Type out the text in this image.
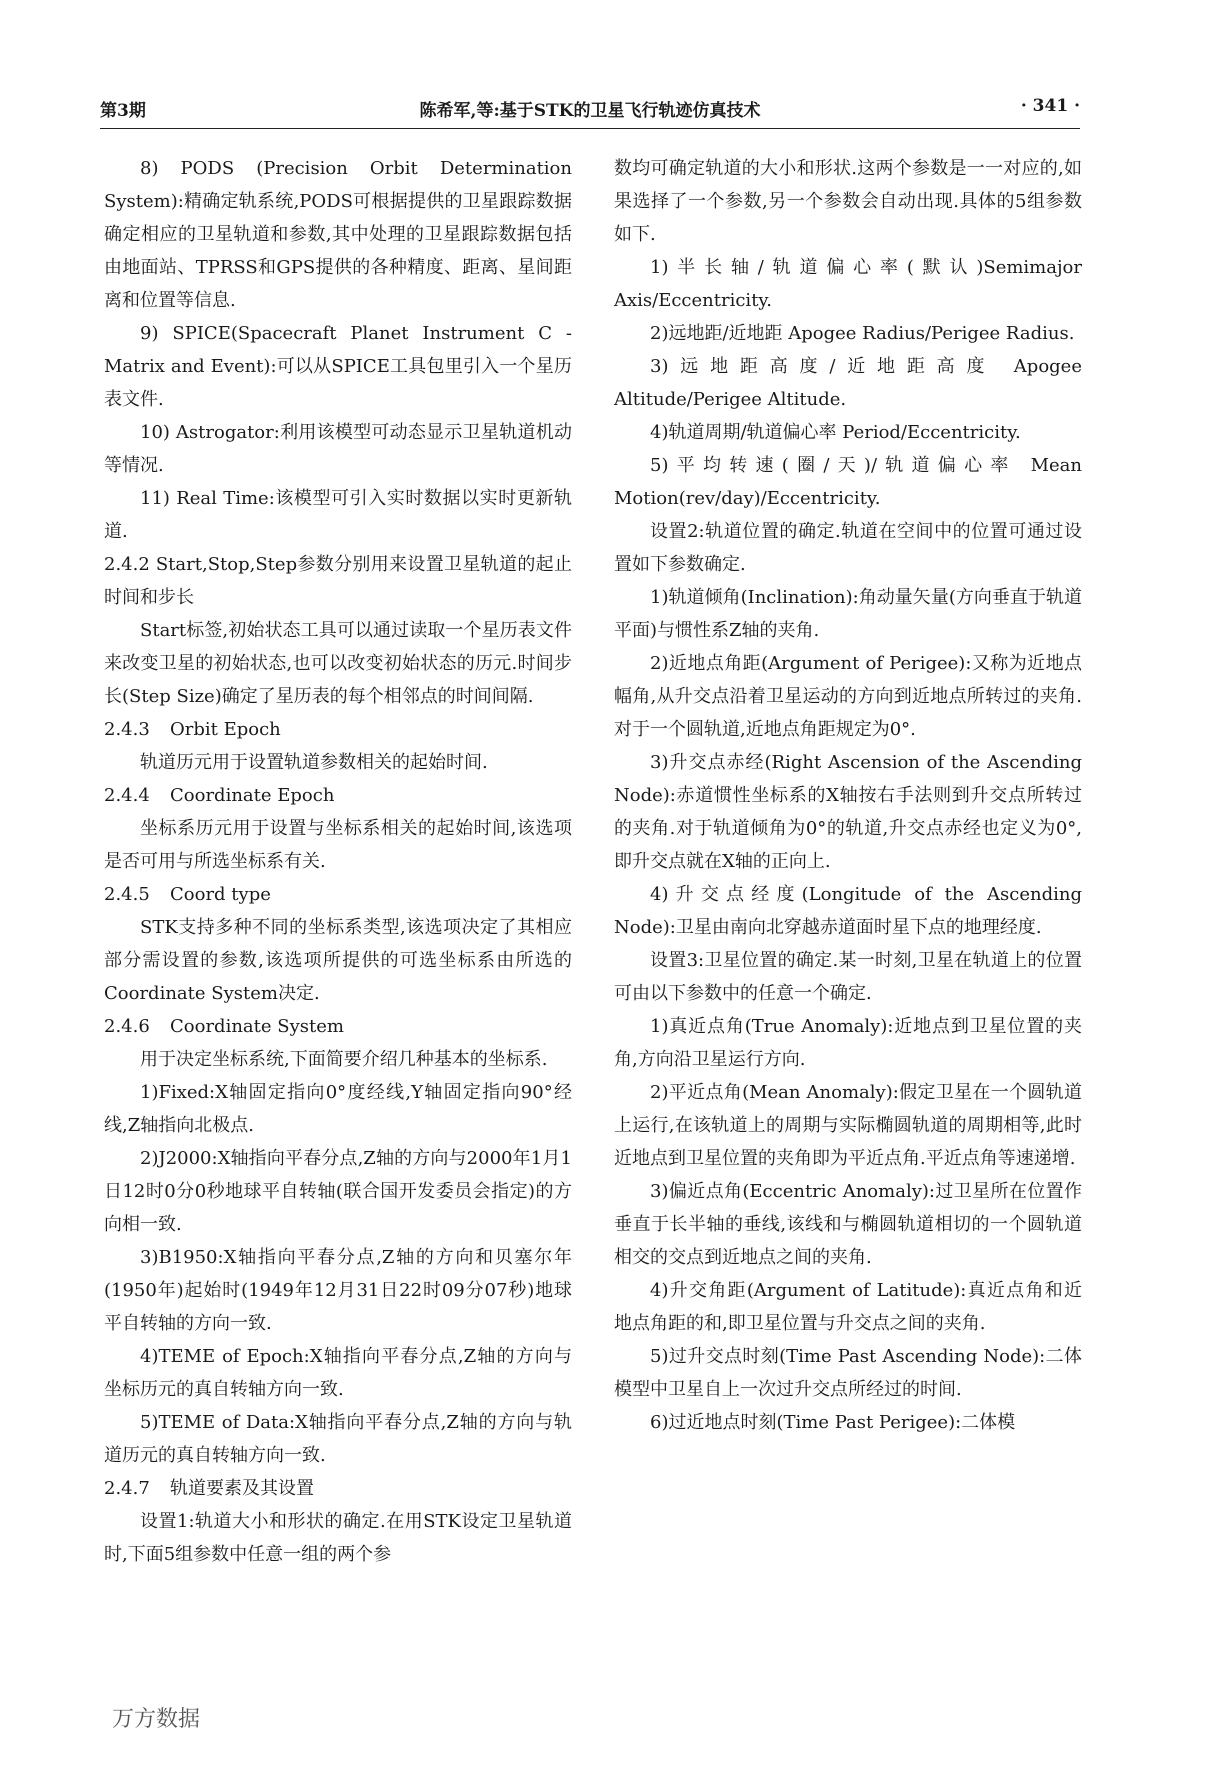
第3期	陈希军,等:基于STK的卫星飞行轨迹仿真技术	· 341 ·

8) PODS (Precision Orbit Determination System):精确定轨系统,PODS可根据提供的卫星跟踪数据确定相应的卫星轨道和参数,其中处理的卫星跟踪数据包括由地面站、TPRSS和GPS提供的各种精度、距离、星间距离和位置等信息.

9) SPICE(Spacecraft Planet Instrument C - Matrix and Event):可以从SPICE工具包里引入一个星历表文件.

10) Astrogator:利用该模型可动态显示卫星轨道机动等情况.

11) Real Time:该模型可引入实时数据以实时更新轨道.

2.4.2 Start,Stop,Step参数分别用来设置卫星轨道的起止时间和步长

Start标签,初始状态工具可以通过读取一个星历表文件来改变卫星的初始状态,也可以改变初始状态的历元.时间步长(Step Size)确定了星历表的每个相邻点的时间间隔.

2.4.3 Orbit Epoch

轨道历元用于设置轨道参数相关的起始时间.

2.4.4 Coordinate Epoch

坐标系历元用于设置与坐标系相关的起始时间,该选项是否可用与所选坐标系有关.

2.4.5 Coord type

STK支持多种不同的坐标系类型,该选项决定了其相应部分需设置的参数,该选项所提供的可选坐标系由所选的Coordinate System决定.

2.4.6 Coordinate System

用于决定坐标系统,下面简要介绍几种基本的坐标系.

1)Fixed:X轴固定指向0°度经线,Y轴固定指向90°经线,Z轴指向北极点.

2)J2000:X轴指向平春分点,Z轴的方向与2000年1月1日12时0分0秒地球平自转轴(联合国开发委员会指定)的方向相一致.

3)B1950:X轴指向平春分点,Z轴的方向和贝塞尔年(1950年)起始时(1949年12月31日22时09分07秒)地球平自转轴的方向一致.

4)TEME of Epoch:X轴指向平春分点,Z轴的方向与坐标历元的真自转轴方向一致.

5)TEME of Data:X轴指向平春分点,Z轴的方向与轨道历元的真自转轴方向一致.

2.4.7 轨道要素及其设置

设置1:轨道大小和形状的确定.在用STK设定卫星轨道时,下面5组参数中任意一组的两个参

数均可确定轨道的大小和形状.这两个参数是一一对应的,如果选择了一个参数,另一个参数会自动出现.具体的5组参数如下.

1)半长轴/轨道偏心率(默认)Semimajor Axis/Eccentricity.

2)远地距/近地距 Apogee Radius/Perigee Radius.

3)远地距高度/近地距高度 Apogee Altitude/Perigee Altitude.

4)轨道周期/轨道偏心率 Period/Eccentricity.

5)平均转速(圈/天)/轨道偏心率 Mean Motion(rev/day)/Eccentricity.

设置2:轨道位置的确定.轨道在空间中的位置可通过设置如下参数确定.

1)轨道倾角(Inclination):角动量矢量(方向垂直于轨道平面)与惯性系Z轴的夹角.

2)近地点角距(Argument of Perigee):又称为近地点幅角,从升交点沿着卫星运动的方向到近地点所转过的夹角.对于一个圆轨道,近地点角距规定为0°.

3)升交点赤经(Right Ascension of the Ascending Node):赤道惯性坐标系的X轴按右手法则到升交点所转过的夹角.对于轨道倾角为0°的轨道,升交点赤经也定义为0°,即升交点就在X轴的正向上.

4)升交点经度(Longitude of the Ascending Node):卫星由南向北穿越赤道面时星下点的地理经度.

设置3:卫星位置的确定.某一时刻,卫星在轨道上的位置可由以下参数中的任意一个确定.

1)真近点角(True Anomaly):近地点到卫星位置的夹角,方向沿卫星运行方向.

2)平近点角(Mean Anomaly):假定卫星在一个圆轨道上运行,在该轨道上的周期与实际椭圆轨道的周期相等,此时近地点到卫星位置的夹角即为平近点角.平近点角等速递增.

3)偏近点角(Eccentric Anomaly):过卫星所在位置作垂直于长半轴的垂线,该线和与椭圆轨道相切的一个圆轨道相交的交点到近地点之间的夹角.

4)升交角距(Argument of Latitude):真近点角和近地点角距的和,即卫星位置与升交点之间的夹角.

5)过升交点时刻(Time Past Ascending Node):二体模型中卫星自上一次过升交点所经过的时间.

6)过近地点时刻(Time Past Perigee):二体模

万方数据
